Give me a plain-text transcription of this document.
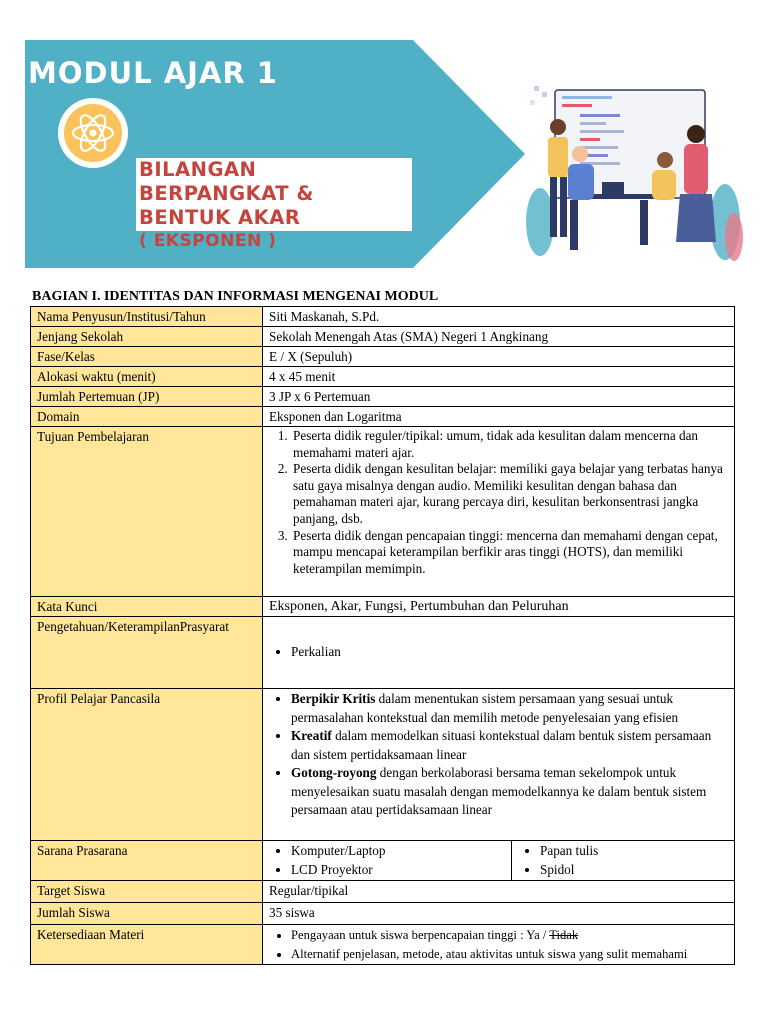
MODUL AJAR 1
BILANGAN
BERPANGKAT &
BENTUK AKAR
( EKSPONEN )
BAGIAN I. IDENTITAS DAN INFORMASI MENGENAI MODUL
Nama Penyusun/Institusi/Tahun	Siti Maskanah, S.Pd.
Jenjang Sekolah	Sekolah Menengah Atas (SMA) Negeri 1 Angkinang
Fase/Kelas	E / X (Sepuluh)
Alokasi waktu (menit)	4 x 45 menit
Jumlah Pertemuan (JP)	3 JP x 6 Pertemuan
Domain	Eksponen dan Logaritma
Tujuan Pembelajaran	
1.Peserta didik reguler/tipikal: umum, tidak ada kesulitan dalam mencerna dan memahami materi ajar.
2. Peserta didik dengan kesulitan belajar: memiliki gaya belajar yang terbatas hanya satu gaya misalnya dengan audio. Memiliki kesulitan dengan bahasa dan pemahaman materi ajar, kurang percaya diri, kesulitan berkonsentrasi jangka panjang, dsb.
3. Peserta didik dengan pencapaian tinggi: mencerna dan memahami dengan cepat, mampu mencapai keterampilan berfikir aras tinggi (HOTS), dan memiliki keterampilan memimpin.

Kata Kunci	Eksponen, Akar, Fungsi, Pertumbuhan dan Peluruhan
Pengetahuan/KeterampilanPrasyarat	
• Perkalian

Profil Pelajar Pancasila	
•Berpikir Kritis dalam menentukan sistem persamaan yang sesuai untuk permasalahan kontekstual dan memilih metode penyelesaian yang efisien
• Kreatif dalam memodelkan situasi kontekstual dalam bentuk sistem persamaan dan sistem pertidaksamaan linear
• Gotong-royong dengan berkolaborasi bersama teman sekelompok untuk menyelesaikan suatu masalah dengan memodelkannya ke dalam bentuk sistem persamaan atau pertidaksamaan linear

Sarana Prasarana	
•	Komputer/Laptop
• LCD Proyektor

• Papan tulis
• Spidol

Target Siswa	Regular/tipikal
Jumlah Siswa	35 siswa
Ketersediaan Materi	
•Pengayaan untuk siswa berpencapaian tinggi : Ya / Tidak
• Alternatif penjelasan, metode, atau aktivitas untuk siswa yang sulit memahami
